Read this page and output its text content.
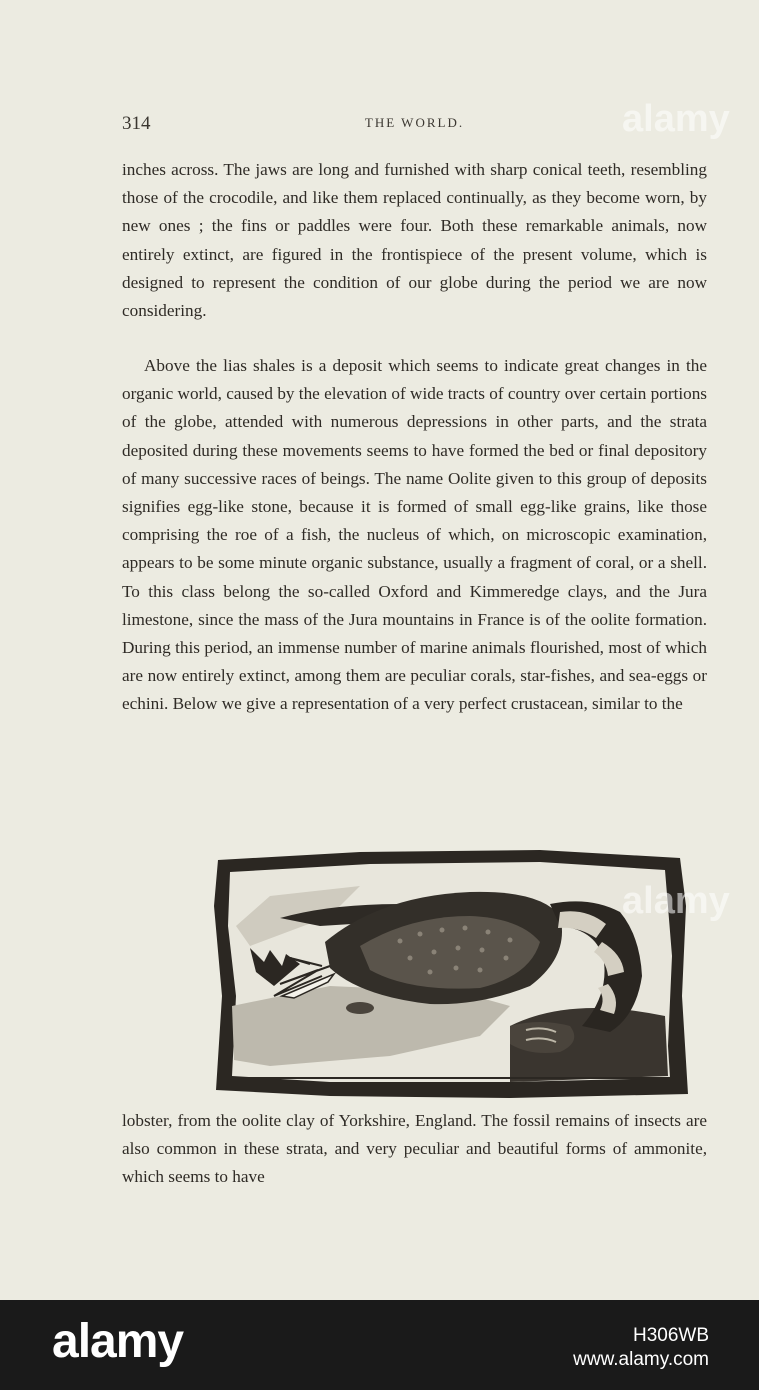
314	THE WORLD.

inches across. The jaws are long and furnished with sharp conical teeth, resembling those of the crocodile, and like them replaced continually, as they become worn, by new ones ; the fins or paddles were four. Both these remarkable animals, now entirely extinct, are figured in the frontispiece of the present volume, which is designed to represent the condition of our globe during the period we are now considering.

Above the lias shales is a deposit which seems to indicate great changes in the organic world, caused by the elevation of wide tracts of country over certain portions of the globe, attended with numerous depressions in other parts, and the strata deposited during these movements seems to have formed the bed or final depository of many successive races of beings. The name Oolite given to this group of deposits signifies egg-like stone, because it is formed of small egg-like grains, like those comprising the roe of a fish, the nucleus of which, on microscopic examination, appears to be some minute organic substance, usually a fragment of coral, or a shell. To this class belong the so-called Oxford and Kimmeredge clays, and the Jura limestone, since the mass of the Jura mountains in France is of the oolite formation. During this period, an immense number of marine animals flourished, most of which are now entirely extinct, among them are peculiar corals, star-fishes, and sea-eggs or echini. Below we give a representation of a very perfect crustacean, similar to the

lobster, from the oolite clay of Yorkshire, England. The fossil remains of insects are also common in these strata, and very peculiar and beautiful forms of ammonite, which seems to have

alamy
alamy
alamy	H306WB
www.alamy.com
